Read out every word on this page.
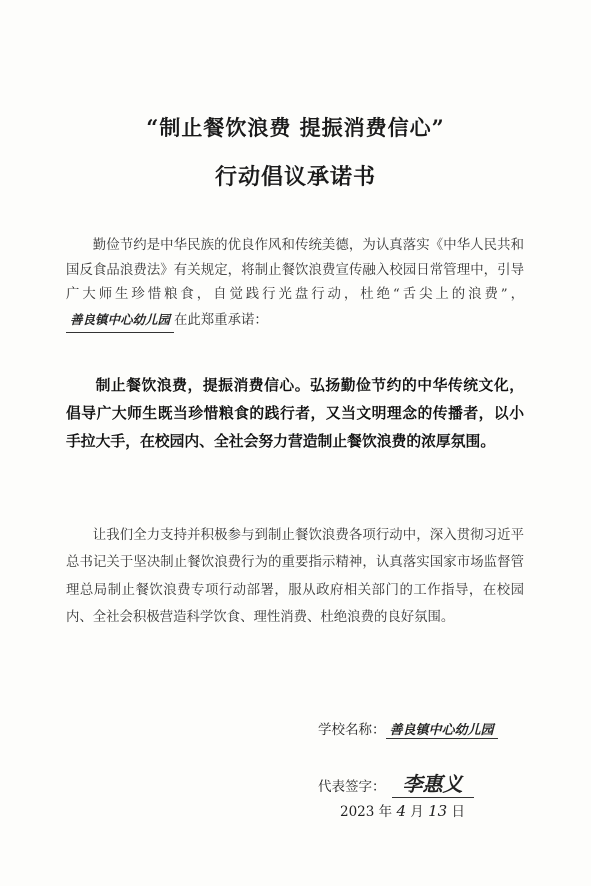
“制止餐饮浪费 提振消费信心”
行动倡议承诺书
勤俭节约是中华民族的优良作风和传统美德，为认真落实《中华人民共和国反食品浪费法》有关规定，将制止餐饮浪费宣传融入校园日常管理中，引导广大师生珍惜粮食，自觉践行光盘行动，杜绝“舌尖上的浪费”，善良镇中心幼儿园 在此郑重承诺：
制止餐饮浪费，提振消费信心。弘扬勤俭节约的中华传统文化，倡导广大师生既当珍惜粮食的践行者，又当文明理念的传播者，以小手拉大手，在校园内、全社会努力营造制止餐饮浪费的浓厚氛围。
让我们全力支持并积极参与到制止餐饮浪费各项行动中，深入贯彻习近平总书记关于坚决制止餐饮浪费行为的重要指示精神，认真落实国家市场监督管理总局制止餐饮浪费专项行动部署，服从政府相关部门的工作指导，在校园内、全社会积极营造科学饮食、理性消费、杜绝浪费的良好氛围。
学校名称： 善良镇中心幼儿园
代表签字： 李惠义
2023 年 4 月 13 日
